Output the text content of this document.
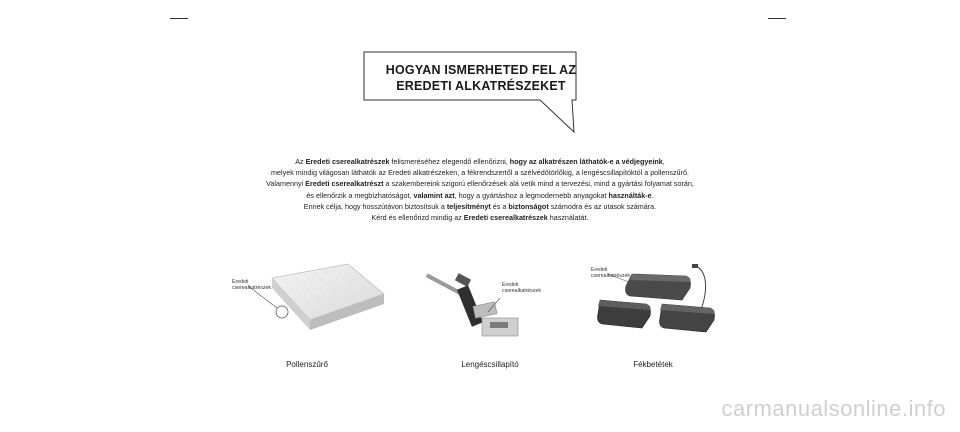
HOGYAN ISMERHETED FEL AZ
EREDETI ALKATRÉSZEKET
Az Eredeti cserealkatrészek felismeréséhez elegendő ellenőrizni, hogy az alkatrészen láthatók-e a védjegyeink,
melyek mindig világosan láthatók az Eredeti alkatrészeken, a fékrendszertől a szélvédőtörlőkig, a lengéscsillapítóktól a pollenszűrő.
Valamennyi Eredeti cserealkatrészt a szakembereink szigorú ellenőrzések alá vetik mind a tervezési, mind a gyártási folyamat során,
és ellenőrzik a megbízhatóságot, valamint azt, hogy a gyártáshoz a legmodernebb anyagokat használták-e.
Ennek célja, hogy hosszútávon biztosítsuk a teljesítményt és a biztonságot számodra és az utasok számára.
Kérd és ellenőrizd mindig az Eredeti cserealkatrészek használatát.
Eredeti
cserealkatrészek
Pollenszűrő
Eredeti
cserealkatrészek
Lengéscsillapító
Eredeti
cserealkatrészek
Fékbetétek
carmanualsonline.info
